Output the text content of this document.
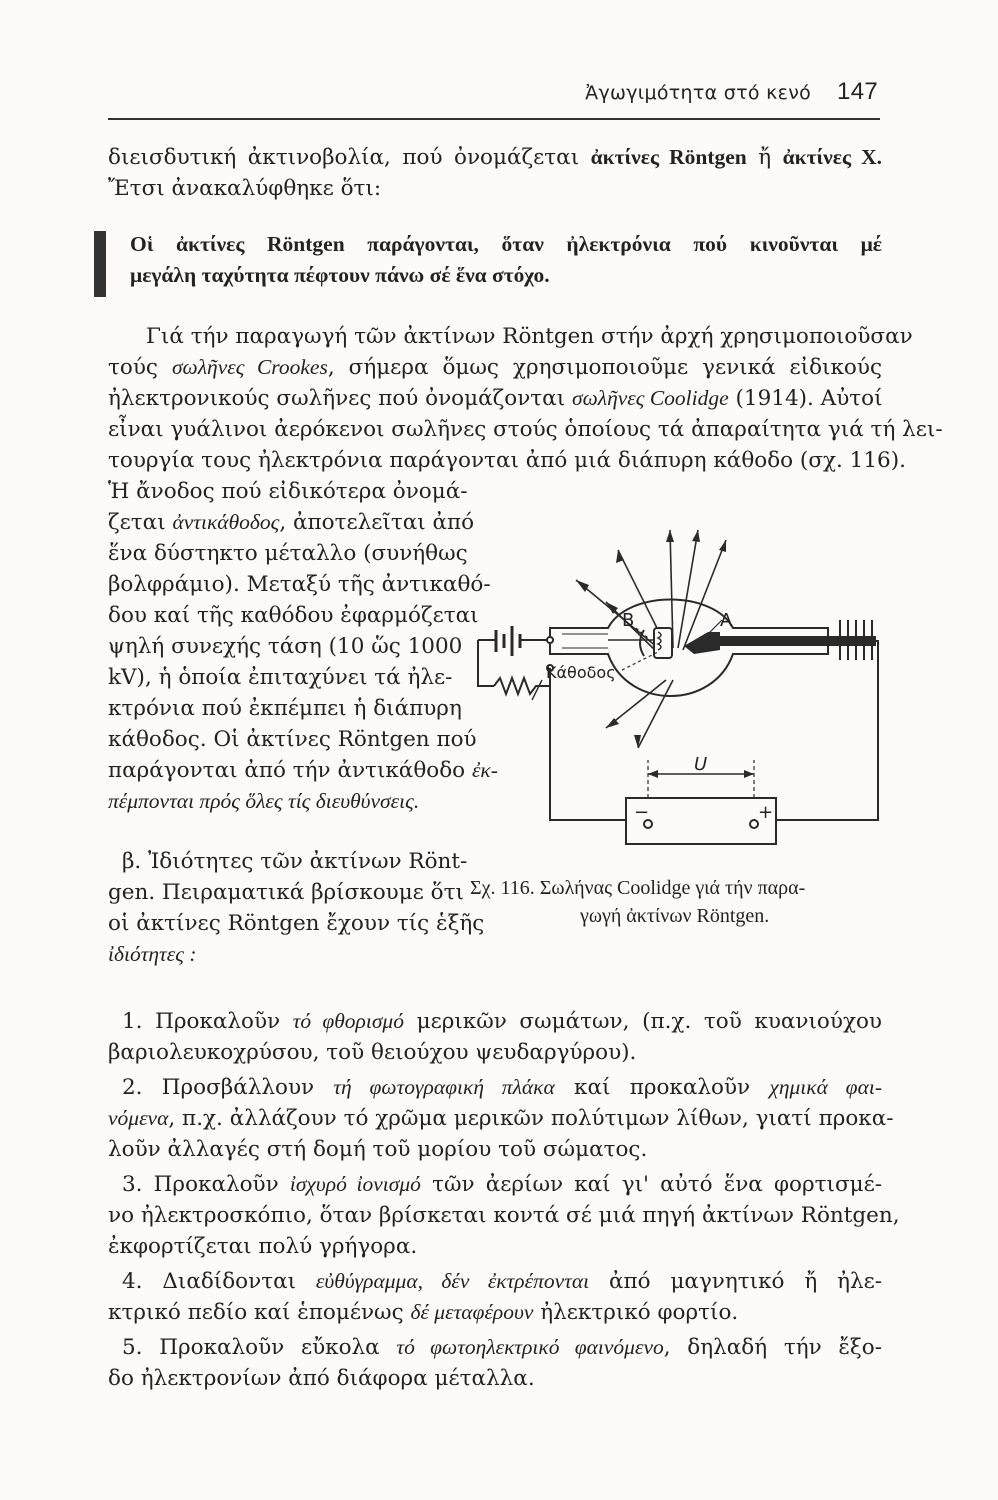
Ἀγωγιμότητα στό κενό 147
διεισδυτική ἀκτινοβολία, πού ὀνομάζεται ἀκτίνες Röntgen ἤ ἀκτίνες X.
Ἔτσι ἀνακαλύφθηκε ὅτι:
Οἱ ἀκτίνες Röntgen παράγονται, ὅταν ἠλεκτρόνια πού κινοῦνται μέ
μεγάλη ταχύτητα πέφτουν πάνω σέ ἕνα στόχο.
Γιά τήν παραγωγή τῶν ἀκτίνων Röntgen στήν ἀρχή χρησιμοποιοῦσαν
τούς σωλῆνες Crookes, σήμερα ὅμως χρησιμοποιοῦμε γενικά εἰδικούς
ἠλεκτρονικούς σωλῆνες πού ὀνομάζονται σωλῆνες Coolidge (1914). Αὐτοί
εἶναι γυάλινοι ἀερόκενοι σωλῆνες στούς ὁποίους τά ἀπαραίτητα γιά τή λει-
τουργία τους ἠλεκτρόνια παράγονται ἀπό μιά διάπυρη κάθοδο (σχ. 116).
Ἡ ἄνοδος πού εἰδικότερα ὀνομά-
ζεται ἀντικάθοδος, ἀποτελεῖται ἀπό
ἕνα δύστηκτο μέταλλο (συνήθως
βολφράμιο). Μεταξύ τῆς ἀντικαθό-
δου καί τῆς καθόδου ἐφαρμόζεται
ψηλή συνεχής τάση (10 ὥς 1000
kV), ἡ ὁποία ἐπιταχύνει τά ἠλε-
κτρόνια πού ἐκπέμπει ἡ διάπυρη
κάθοδος. Οἱ ἀκτίνες Röntgen πού
παράγονται ἀπό τήν ἀντικάθοδο ἐκ-
πέμπονται πρός ὅλες τίς διευθύνσεις.
β. Ἰδιότητες τῶν ἀκτίνων Rönt-
gen. Πειραματικά βρίσκουμε ὅτι
οἱ ἀκτίνες Röntgen ἔχουν τίς ἑξῆς
ἰδιότητες :
B	A
Κάθοδος
U
−	+
Σχ. 116. Σωλήνας Coolidge γιά τήν παρα-
γωγή ἀκτίνων Röntgen.
1. Προκαλοῦν τό φθορισμό μερικῶν σωμάτων, (π.χ. τοῦ κυανιούχου
βαριολευκοχρύσου, τοῦ θειούχου ψευδαργύρου).
2. Προσβάλλουν τή φωτογραφική πλάκα καί προκαλοῦν χημικά φαι-
νόμενα, π.χ. ἀλλάζουν τό χρῶμα μερικῶν πολύτιμων λίθων, γιατί προκα-
λοῦν ἀλλαγές στή δομή τοῦ μορίου τοῦ σώματος.
3. Προκαλοῦν ἰσχυρό ἰονισμό τῶν ἀερίων καί γι' αὐτό ἕνα φορτισμέ-
νο ἠλεκτροσκόπιο, ὅταν βρίσκεται κοντά σέ μιά πηγή ἀκτίνων Röntgen,
ἐκφορτίζεται πολύ γρήγορα.
4. Διαδίδονται εὐθύγραμμα, δέν ἐκτρέπονται ἀπό μαγνητικό ἤ ἠλε-
κτρικό πεδίο καί ἑπομένως δέ μεταφέρουν ἠλεκτρικό φορτίο.
5. Προκαλοῦν εὔκολα τό φωτοηλεκτρικό φαινόμενο, δηλαδή τήν ἔξο-
δο ἠλεκτρονίων ἀπό διάφορα μέταλλα.
